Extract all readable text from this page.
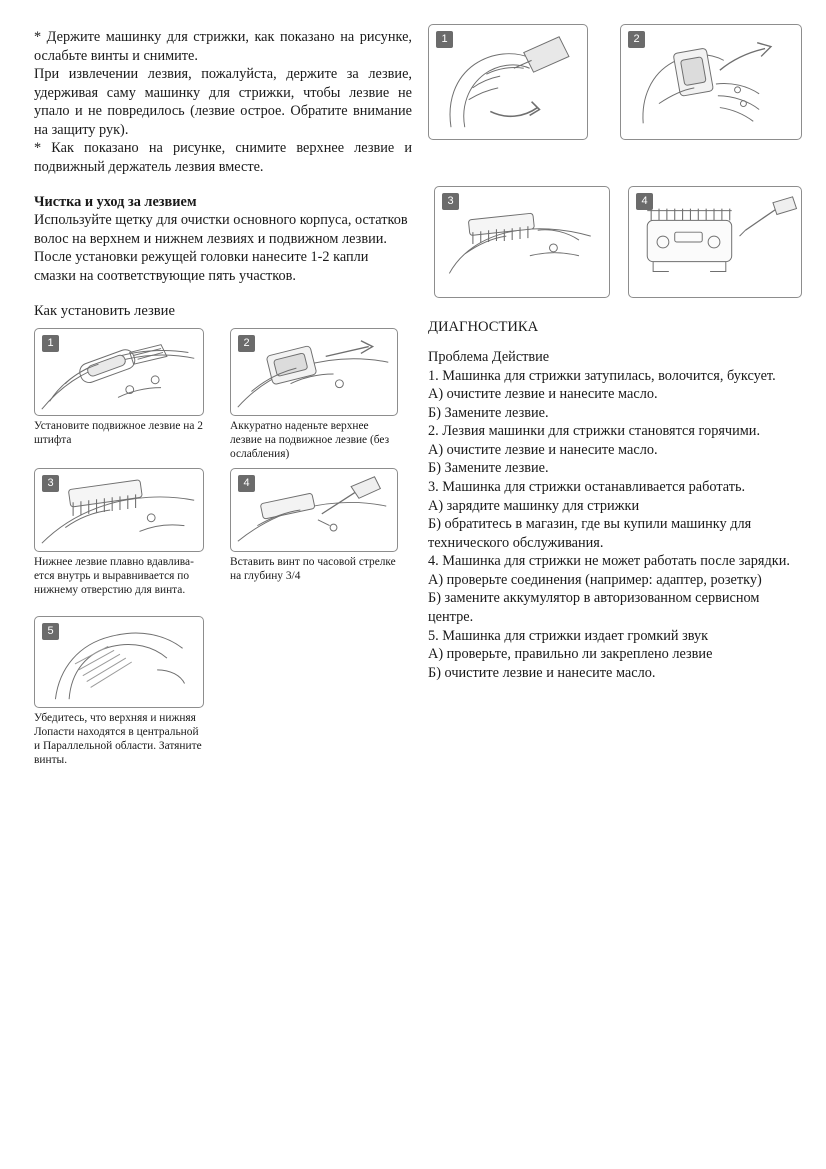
* Держите машинку для стрижки, как показано на рисунке, ослабьте винты и снимите.

При извлечении лезвия, пожалуйста, держите за лезвие, удерживая саму машинку для стрижки, чтобы лезвие не упало и не повредилось (лезвие острое. Обратите внимание на защиту рук).

* Как показано на рисунке, снимите верхнее лезвие и подвижный держатель лезвия вместе.

Чистка и уход за лезвием

Используйте щетку для очистки основного корпуса, остатков волос на верхнем и нижнем лезвиях и подвижном лезвии.

После установки режущей головки нанесите 1-2 капли смазки на соответствующие пять участков.

Как установить лезвие

1
Установите подвижное лезвие на 2 штифта
2
Аккуратно наденьте верхнее лезвие на подвижное лезвие (без ослабления)
3
Нижнее лезвие плавно вдавлива-ется внутрь и выравнивается по нижнему отверстию для винта.
4
Вставить винт по часовой стрелке на глубину 3/4
5
Убедитесь, что верхняя и нижняя Лопасти находятся в центральной и Параллельной области. Затяните винты.
1	2
3	4

ДИАГНОСТИКА

Проблема Действие

1. Машинка для стрижки затупилась, волочится, буксует.

А) очистите лезвие и нанесите масло.

Б) Замените лезвие.

2. Лезвия машинки для стрижки становятся горячими.

А) очистите лезвие и нанесите масло.

Б) Замените лезвие.

3. Машинка для стрижки останавливается работать.

А) зарядите машинку для стрижки

Б) обратитесь в магазин, где вы купили машинку для технического обслуживания.

4. Машинка для стрижки не может работать после зарядки.

А) проверьте соединения (например: адаптер, розетку)

Б) замените аккумулятор в авторизованном сервисном центре.

5. Машинка для стрижки издает громкий звук

А) проверьте, правильно ли закреплено лезвие

Б) очистите лезвие и нанесите масло.
